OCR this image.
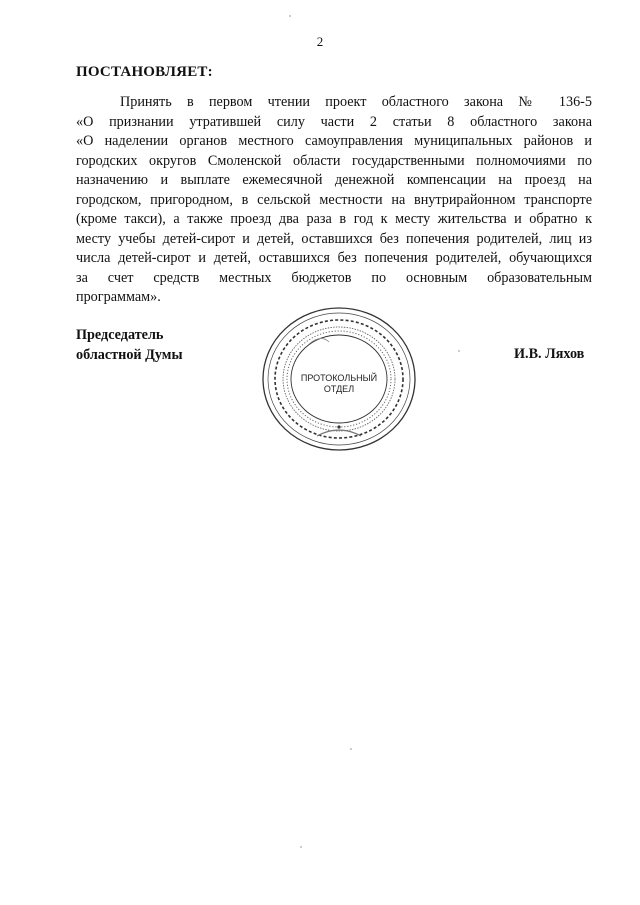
2
ПОСТАНОВЛЯЕТ:
Принять в первом чтении проект областного закона № 136-5
«О признании утратившей силу части 2 статьи 8 областного закона
«О наделении органов местного самоуправления муниципальных районов и
городских округов Смоленской области государственными полномочиями по
назначению и выплате ежемесячной денежной компенсации на проезд на
городском, пригородном, в сельской местности на внутрирайонном транспорте
(кроме такси), а также проезд два раза в год к месту жительства и обратно к
месту учебы детей-сирот и детей, оставшихся без попечения родителей, лиц из
числа детей-сирот и детей, оставшихся без попечения родителей, обучающихся
за счет средств местных бюджетов по основным образовательным
программам».
Председатель
областной Думы
ПРОТОКОЛЬНЫЙ
ОТДЕЛ
И.В. Ляхов
